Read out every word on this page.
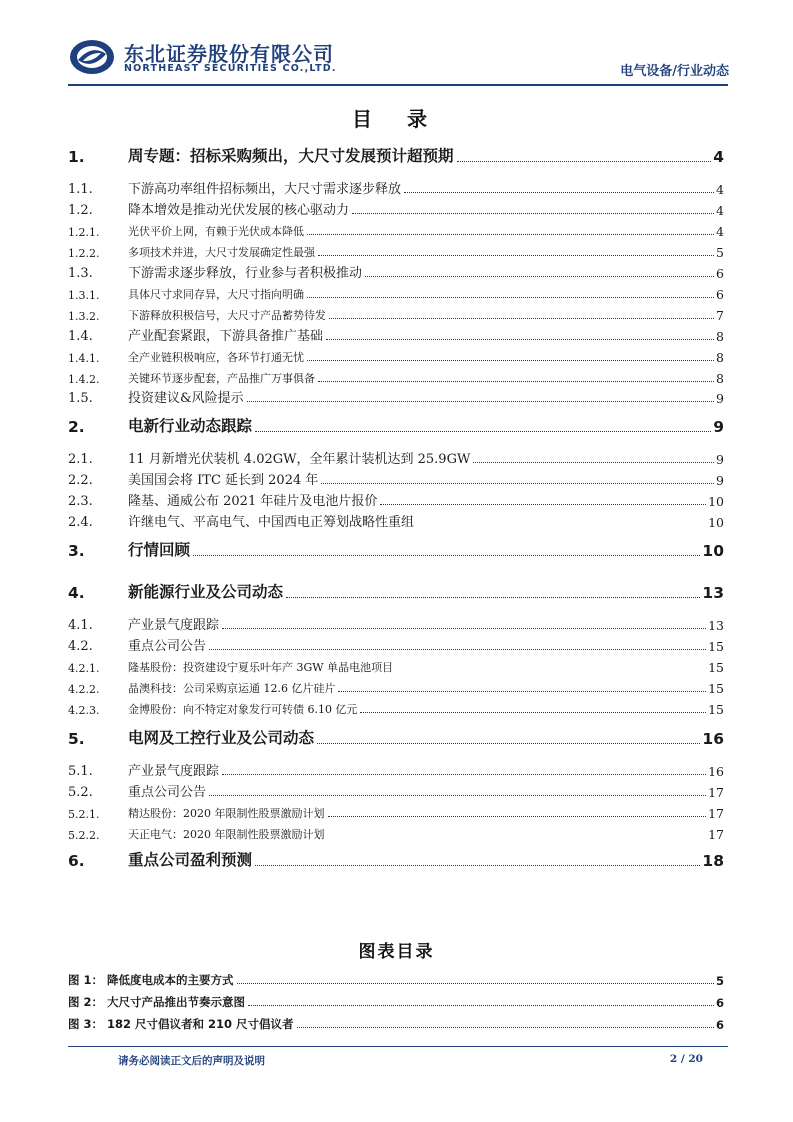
东北证券股份有限公司
NORTHEAST SECURITIES CO.,LTD.	电气设备/行业动态
目 录
1.	周专题：招标采购频出，大尺寸发展预计超预期	4
1.1.	下游高功率组件招标频出，大尺寸需求逐步释放	4
1.2.	降本增效是推动光伏发展的核心驱动力	4
1.2.1.	光伏平价上网，有赖于光伏成本降低	4
1.2.2.	多项技术并进，大尺寸发展确定性最强	5
1.3.	下游需求逐步释放，行业参与者积极推动	6
1.3.1.	具体尺寸求同存异，大尺寸指向明确	6
1.3.2.	下游释放积极信号，大尺寸产品蓄势待发	7
1.4.	产业配套紧跟，下游具备推广基础	8
1.4.1.	全产业链积极响应，各环节打通无忧	8
1.4.2.	关键环节逐步配套，产品推广万事俱备	8
1.5.	投资建议&风险提示	9
2.	电新行业动态跟踪	9
2.1.	11 月新增光伏装机 4.02GW，全年累计装机达到 25.9GW	9
2.2.	美国国会将 ITC 延长到 2024 年	9
2.3.	隆基、通威公布 2021 年硅片及电池片报价	10
2.4.	许继电气、平高电气、中国西电正筹划战略性重组	10
3.	行情回顾	10
4.	新能源行业及公司动态	13
4.1.	产业景气度跟踪	13
4.2.	重点公司公告	15
4.2.1.	隆基股份：投资建设宁夏乐叶年产 3GW 单晶电池项目	15
4.2.2.	晶澳科技：公司采购京运通 12.6 亿片硅片	15
4.2.3.	金博股份：向不特定对象发行可转债 6.10 亿元	15
5.	电网及工控行业及公司动态	16
5.1.	产业景气度跟踪	16
5.2.	重点公司公告	17
5.2.1.	精达股份：2020 年限制性股票激励计划	17
5.2.2.	天正电气：2020 年限制性股票激励计划	17
6.	重点公司盈利预测	18
图表目录
图 1： 降低度电成本的主要方式	5
图 2： 大尺寸产品推出节奏示意图	6
图 3： 182 尺寸倡议者和 210 尺寸倡议者	6
请务必阅读正文后的声明及说明	2 / 20
